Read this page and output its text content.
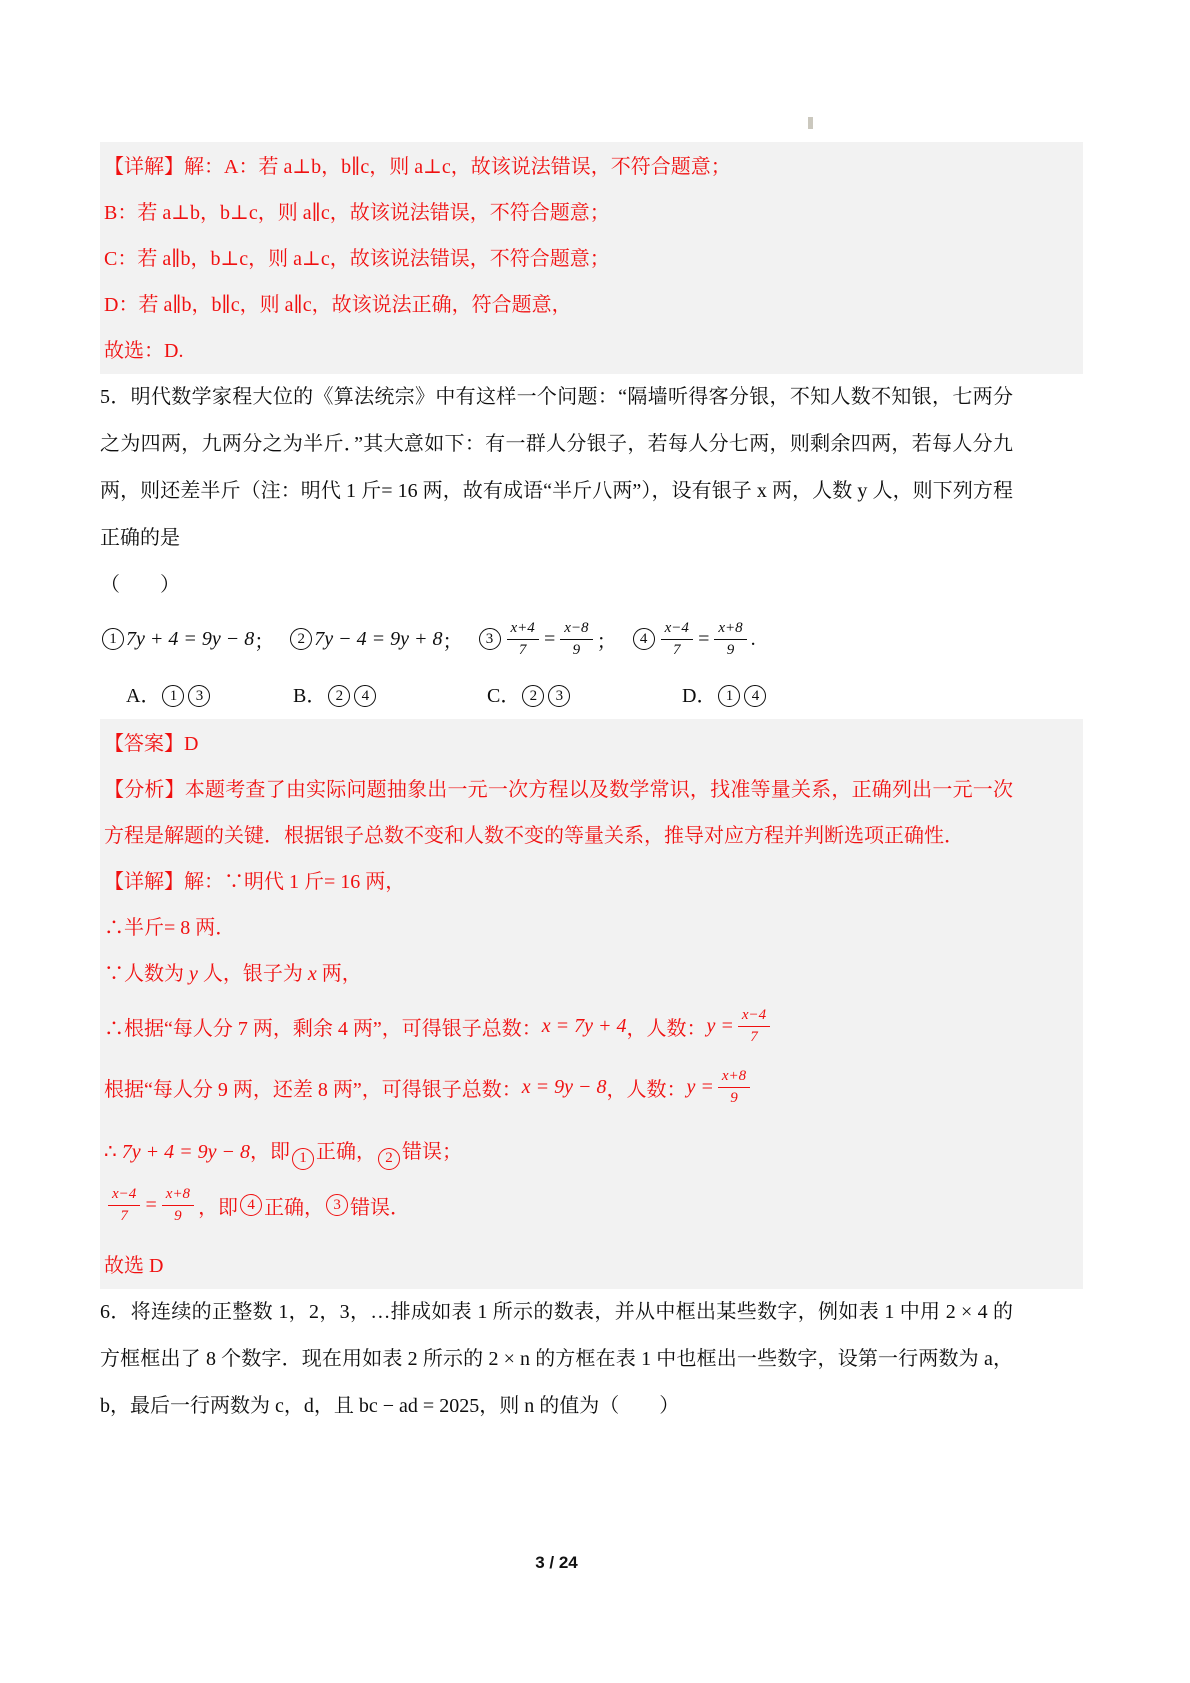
【详解】解：A：若 a⊥b，b∥c，则 a⊥c，故该说法错误，不符合题意；
B：若 a⊥b，b⊥c，则 a∥c，故该说法错误，不符合题意；
C：若 a∥b，b⊥c，则 a⊥c，故该说法错误，不符合题意；
D：若 a∥b，b∥c，则 a∥c，故该说法正确，符合题意，
故选：D.
5．明代数学家程大位的《算法统宗》中有这样一个问题：“隔墙听得客分银，不知人数不知银，七两分之为四两，九两分之为半斤．”其大意如下：有一群人分银子，若每人分七两，则剩余四两，若每人分九两，则还差半斤（注：明代 1 斤= 16 两，故有成语“半斤八两”），设有银子 x 两，人数 y 人，则下列方程正确的是
（　　）
1 7y + 4 = 9y − 8 ；	2 7y − 4 = 9y + 8 ；	$3 \frac{x+4}{7} = \frac{x-8}{9}$ ；	$4 \frac{x-4}{7} = \frac{x+8}{9}$ .
A． 1	3	B． 2	4	C． 2	3	D． 1	4
【答案】D
【分析】本题考查了由实际问题抽象出一元一次方程以及数学常识，找准等量关系，正确列出一元一次方程是解题的关键．根据银子总数不变和人数不变的等量关系，推导对应方程并判断选项正确性．
【详解】解：∵明代 1 斤= 16 两，
∴半斤= 8 两．
∵人数为 y 人，银子为 x 两，
∴根据“每人分 7 两，剩余 4 两”，可得银子总数： x = 7y + 4 ，人数： $y = \frac{x-4}{7}$
根据“每人分 9 两，还差 8 两”，可得银子总数： x = 9y − 8 ，人数： $y = \frac{x+8}{9}$
∴ 7y + 4 = 9y − 8，即 1 正确， 2 错误；
$\frac{x-4}{7} = \frac{x+8}{9}$ ，即 4 正确， 3 错误．
故选 D
6．将连续的正整数 1，2，3，…排成如表 1 所示的数表，并从中框出某些数字，例如表 1 中用 2 × 4 的方框框出了 8 个数字．现在用如表 2 所示的 2 × n 的方框在表 1 中也框出一些数字，设第一行两数为 a，b，最后一行两数为 c，d，且 bc − ad = 2025，则 n 的值为（　　）
3 / 24
